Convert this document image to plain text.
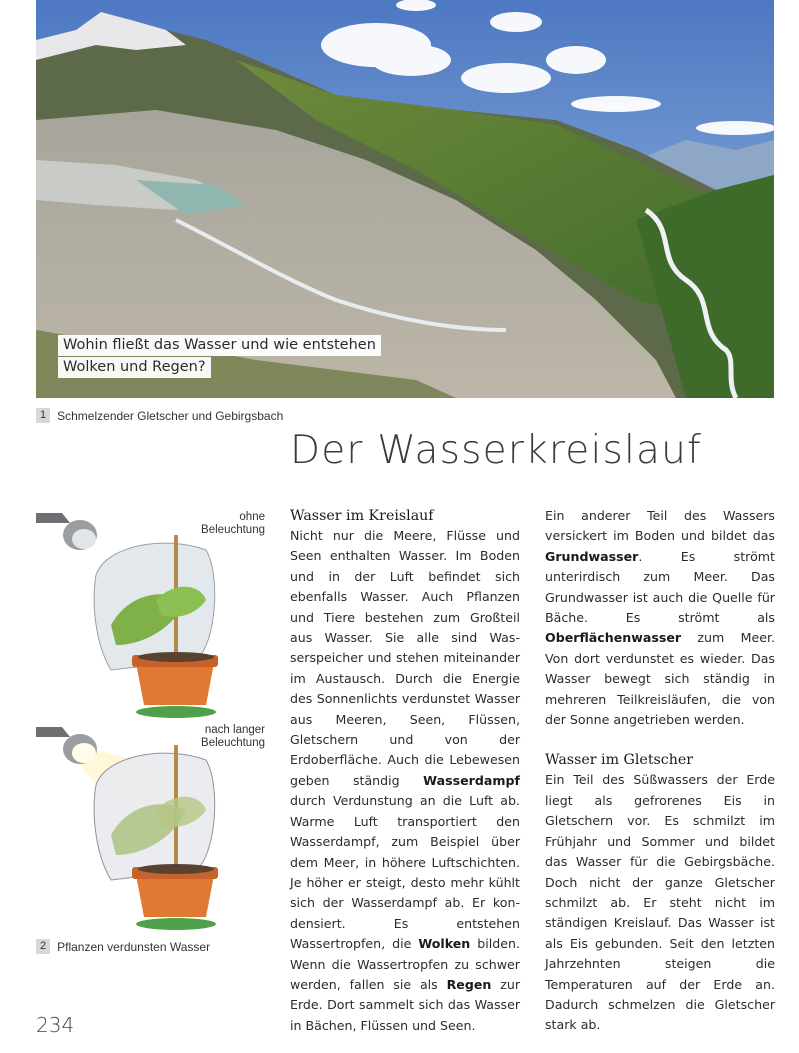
Wohin fließt das Wasser und wie entstehen
Wolken und Regen?
1 Schmelzender Gletscher und Gebirgsbach
Der Wasserkreislauf
ohne
Beleuchtung
nach langer
Beleuchtung
2 Pflanzen verdunsten Wasser
Wasser im Kreislauf

Nicht nur die Meere, Flüsse und Seen enthalten Wasser. Im Boden und in der Luft befindet sich ebenfalls Wasser. Auch Pflanzen und Tiere bestehen zum Großteil aus Wasser. Sie alle sind Wasserspeicher und stehen miteinander im Austausch. Durch die Energie des Sonnenlichts verdunstet Wasser aus Meeren, Seen, Flüssen, Gletschern und von der Erdoberfläche. Auch die Lebewesen geben ständig Wasserdampf durch Verdunstung an die Luft ab. Warme Luft transportiert den Wasserdampf, zum Beispiel über dem Meer, in höhere Luftschichten. Je höher er steigt, desto mehr kühlt sich der Wasserdampf ab. Er kondensiert. Es entstehen Wassertropfen, die Wolken bilden. Wenn die Wassertropfen zu schwer werden, fallen sie als Regen zur Erde. Dort sammelt sich das Wasser in Bächen, Flüssen und Seen.

Ein anderer Teil des Wassers versickert im Boden und bildet das Grundwasser. Es strömt unterirdisch zum Meer. Das Grundwasser ist auch die Quelle für Bäche. Es strömt als Oberflächenwasser zum Meer. Von dort verdunstet es wieder. Das Wasser bewegt sich ständig in mehreren Teilkreisläufen, die von der Sonne angetrieben werden.

Wasser im Gletscher

Ein Teil des Süßwassers der Erde liegt als gefrorenes Eis in Gletschern vor. Es schmilzt im Frühjahr und Sommer und bildet das Wasser für die Gebirgsbäche. Doch nicht der ganze Gletscher schmilzt ab. Er steht nicht im ständigen Kreislauf. Das Wasser ist als Eis gebunden. Seit den letzten Jahrzehnten steigen die Temperaturen auf der Erde an. Dadurch schmelzen die Gletscher stark ab.

234
